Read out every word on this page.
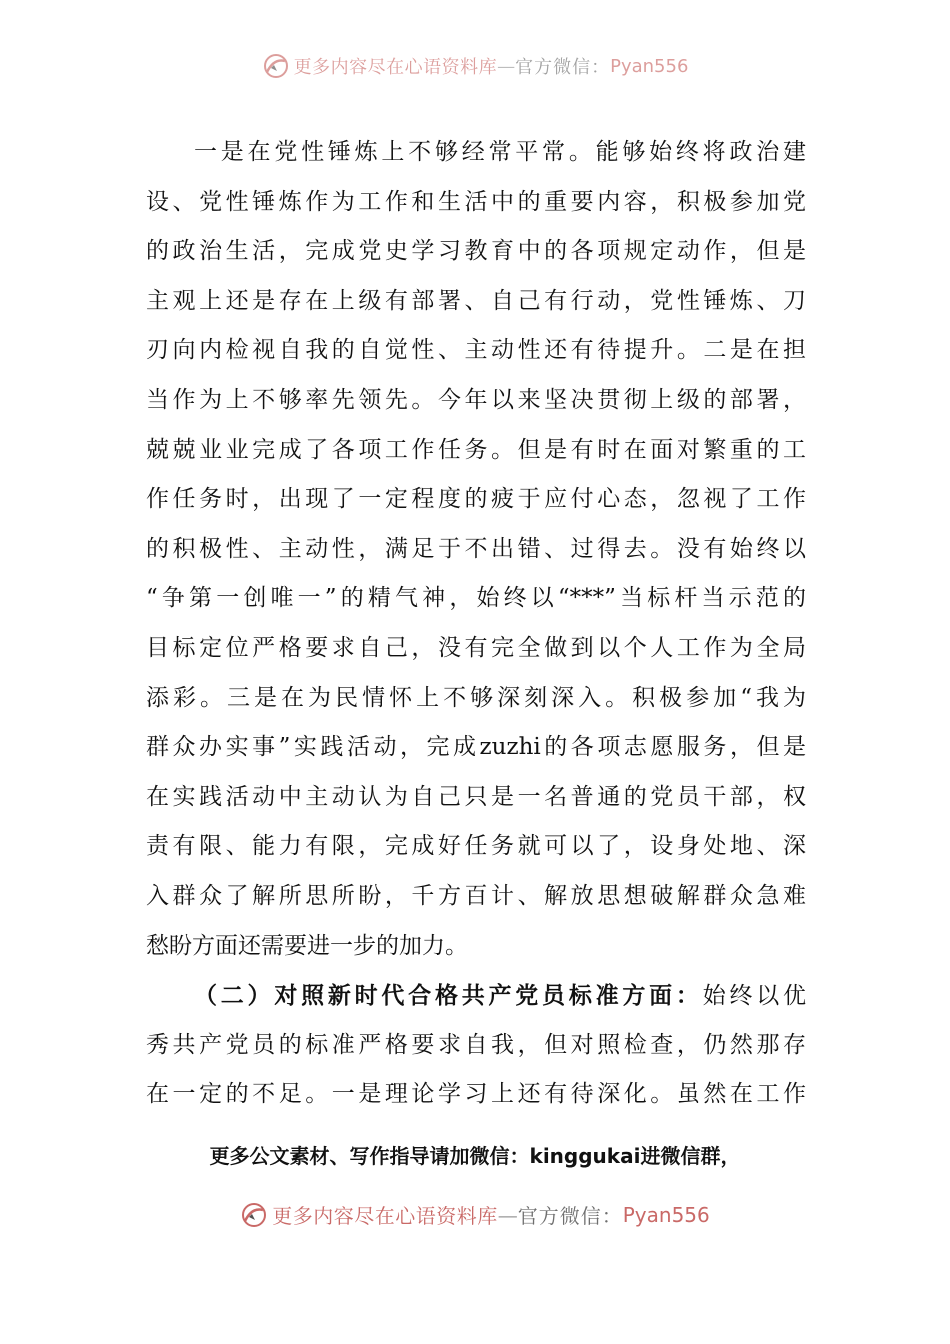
更多内容尽在心语资料库 — 官方微信： Pyan556
一是在党性锤炼上不够经常平常。能够始终将政治建
设、党性锤炼作为工作和生活中的重要内容，积极参加党
的政治生活，完成党史学习教育中的各项规定动作，但是
主观上还是存在上级有部署、自己有行动，党性锤炼、刀
刃向内检视自我的自觉性、主动性还有待提升。二是在担
当作为上不够率先领先。今年以来坚决贯彻上级的部署，
兢兢业业完成了各项工作任务。但是有时在面对繁重的工
作任务时，出现了一定程度的疲于应付心态，忽视了工作
的积极性、主动性，满足于不出错、过得去。没有始终以
“争第一创唯一”的精气神，始终以“***”当标杆当示范的
目标定位严格要求自己，没有完全做到以个人工作为全局
添彩。三是在为民情怀上不够深刻深入。积极参加“我为
群众办实事”实践活动，完成zuzhi的各项志愿服务，但是
在实践活动中主动认为自己只是一名普通的党员干部，权
责有限、能力有限，完成好任务就可以了，设身处地、深
入群众了解所思所盼，千方百计、解放思想破解群众急难
愁盼方面还需要进一步的加力。
（二）对照新时代合格共产党员标准方面：始终以优
秀共产党员的标准严格要求自我，但对照检查，仍然那存
在一定的不足。一是理论学习上还有待深化。虽然在工作
更多公文素材、写作指导请加微信：kinggukai进微信群，
更多内容尽在心语资料库 — 官方微信： Pyan556
